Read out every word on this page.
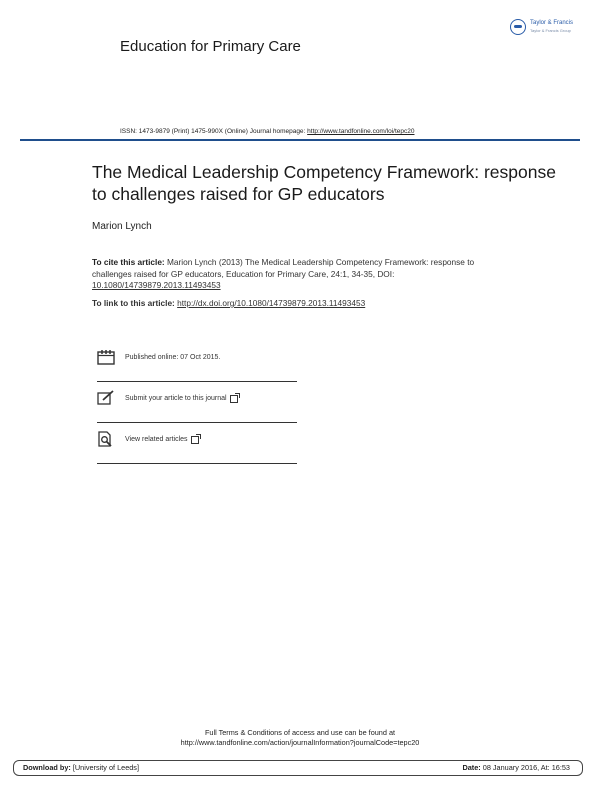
Education for Primary Care
Taylor & Francis
Taylor & Francis Group
ISSN: 1473-9879 (Print) 1475-990X (Online) Journal homepage: http://www.tandfonline.com/loi/tepc20
The Medical Leadership Competency Framework: response to challenges raised for GP educators
Marion Lynch
To cite this article: Marion Lynch (2013) The Medical Leadership Competency Framework: response to challenges raised for GP educators, Education for Primary Care, 24:1, 34-35, DOI: 10.1080/14739879.2013.11493453
To link to this article: http://dx.doi.org/10.1080/14739879.2013.11493453
Published online: 07 Oct 2015.
Submit your article to this journal
View related articles
Full Terms & Conditions of access and use can be found at
http://www.tandfonline.com/action/journalInformation?journalCode=tepc20
Download by: [University of Leeds]	Date: 08 January 2016, At: 16:53
